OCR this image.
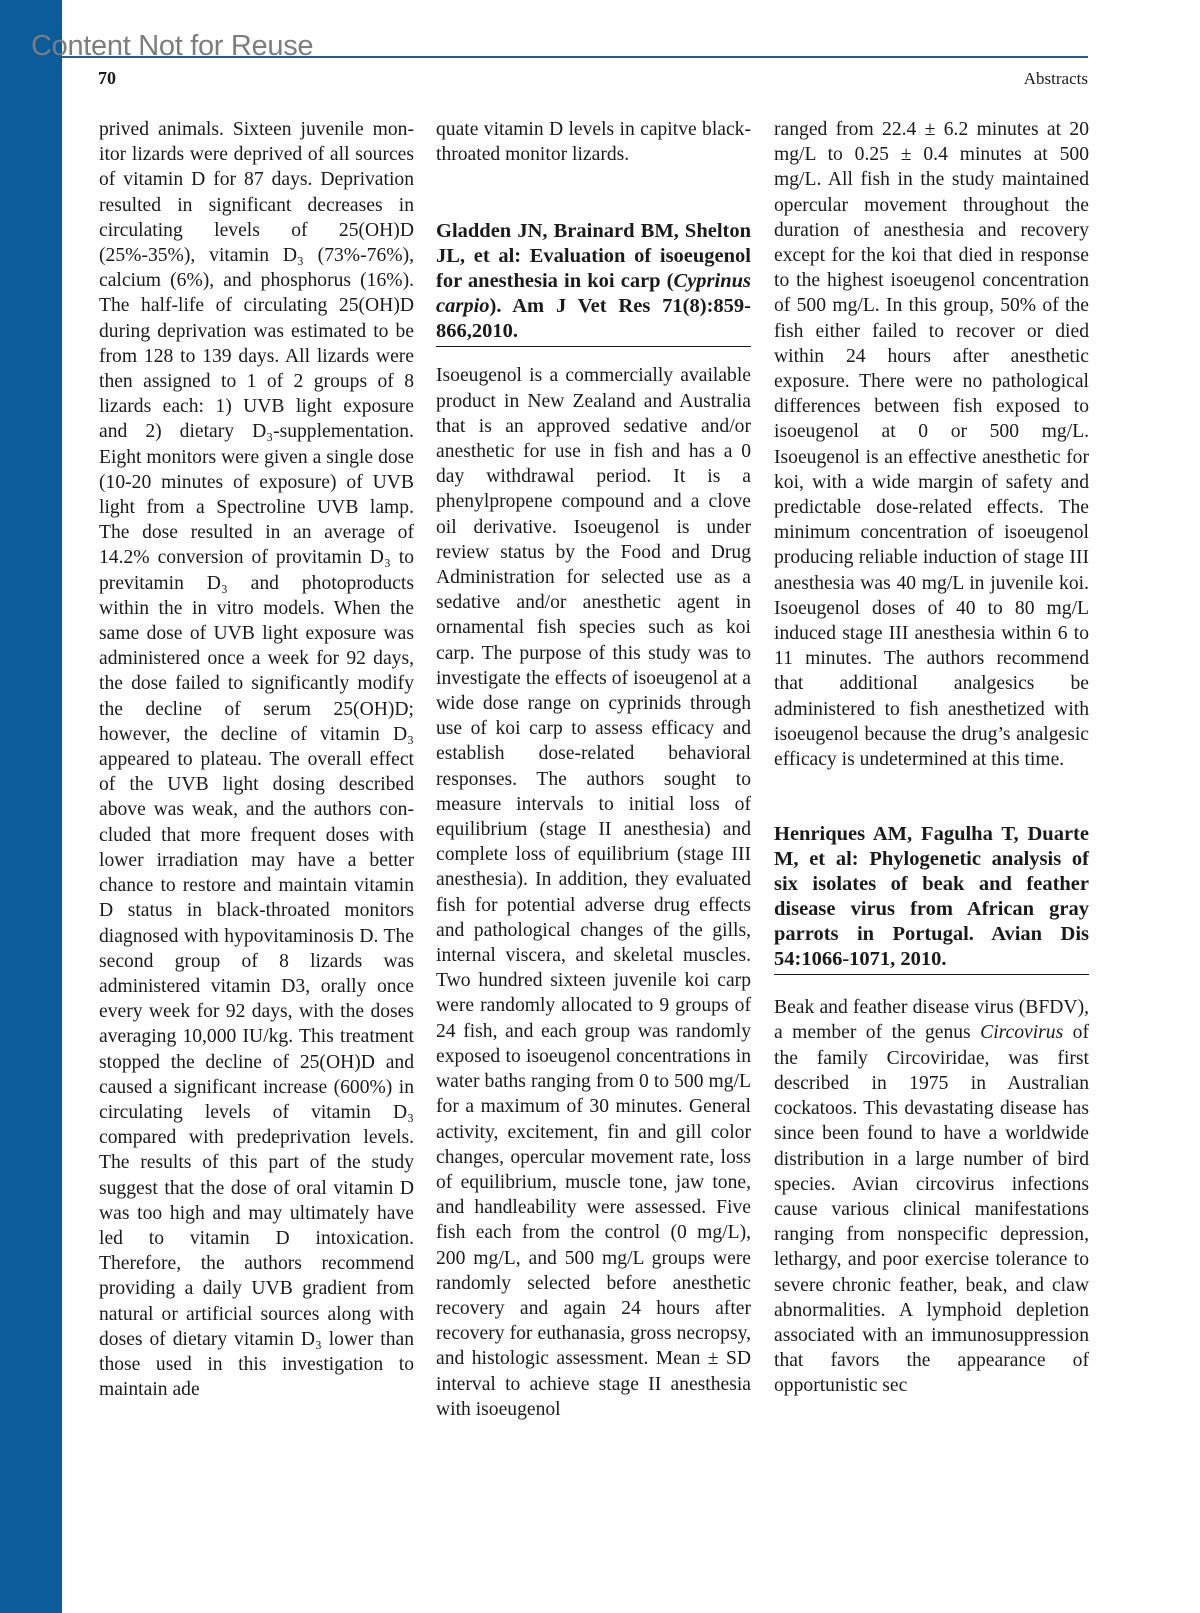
Content Not for Reuse
70	Abstracts

prived animals. Sixteen juvenile monitor lizards were deprived of all sources of vitamin D for 87 days. Deprivation resulted in significant decreases in circulating levels of 25(OH)D (25%-35%), vitamin D₃ (73%-76%), calcium (6%), and phosphorus (16%). The half-life of circulating 25(OH)D during deprivation was estimated to be from 128 to 139 days. All lizards were then assigned to 1 of 2 groups of 8 lizards each: 1) UVB light exposure and 2) dietary D₃-supplementation. Eight monitors were given a single dose (10-20 minutes of exposure) of UVB light from a Spectroline UVB lamp. The dose resulted in an average of 14.2% conversion of provitamin D₃ to previtamin D₃ and photoproducts within the in vitro models. When the same dose of UVB light exposure was administered once a week for 92 days, the dose failed to significantly modify the decline of serum 25(OH)D; however, the decline of vitamin D₃ appeared to plateau. The overall effect of the UVB light dosing described above was weak, and the authors concluded that more frequent doses with lower irradiation may have a better chance to restore and maintain vitamin D status in black-throated monitors diagnosed with hypovitaminosis D. The second group of 8 lizards was administered vitamin D3, orally once every week for 92 days, with the doses averaging 10,000 IU/kg. This treatment stopped the decline of 25(OH)D and caused a significant increase (600%) in circulating levels of vitamin D₃ compared with predeprivation levels. The results of this part of the study suggest that the dose of oral vitamin D was too high and may ultimately have led to vitamin D intoxication. Therefore, the authors recommend providing a daily UVB gradient from natural or artificial sources along with doses of dietary vitamin D₃ lower than those used in this investigation to maintain ade

quate vitamin D levels in capitve black-throated monitor lizards.

Gladden JN, Brainard BM, Shelton JL, et al: Evaluation of isoeugenol for anesthesia in koi carp (Cyprinus carpio). Am J Vet Res 71(8):859-866,2010.

Isoeugenol is a commercially available product in New Zealand and Australia that is an approved sedative and/or anesthetic for use in fish and has a 0 day withdrawal period. It is a phenylpropene compound and a clove oil derivative. Isoeugenol is under review status by the Food and Drug Administration for selected use as a sedative and/or anesthetic agent in ornamental fish species such as koi carp. The purpose of this study was to investigate the effects of isoeugenol at a wide dose range on cyprinids through use of koi carp to assess efficacy and establish dose-related behavioral responses. The authors sought to measure intervals to initial loss of equilibrium (stage II anesthesia) and complete loss of equilibrium (stage III anesthesia). In addition, they evaluated fish for potential adverse drug effects and pathological changes of the gills, internal viscera, and skeletal muscles. Two hundred sixteen juvenile koi carp were randomly allocated to 9 groups of 24 fish, and each group was randomly exposed to isoeugenol concentrations in water baths ranging from 0 to 500 mg/L for a maximum of 30 minutes. General activity, excitement, fin and gill color changes, opercular movement rate, loss of equilibrium, muscle tone, jaw tone, and handleability were assessed. Five fish each from the control (0 mg/L), 200 mg/L, and 500 mg/L groups were randomly selected before anesthetic recovery and again 24 hours after recovery for euthanasia, gross necropsy, and histologic assessment. Mean ± SD interval to achieve stage II anesthesia with isoeugenol

ranged from 22.4 ± 6.2 minutes at 20 mg/L to 0.25 ± 0.4 minutes at 500 mg/L. All fish in the study maintained opercular movement throughout the duration of anesthesia and recovery except for the koi that died in response to the highest isoeugenol concentration of 500 mg/L. In this group, 50% of the fish either failed to recover or died within 24 hours after anesthetic exposure. There were no pathological differences between fish exposed to isoeugenol at 0 or 500 mg/L. Isoeugenol is an effective anesthetic for koi, with a wide margin of safety and predictable dose-related effects. The minimum concentration of isoeugenol producing reliable induction of stage III anesthesia was 40 mg/L in juvenile koi. Isoeugenol doses of 40 to 80 mg/L induced stage III anesthesia within 6 to 11 minutes. The authors recommend that additional analgesics be administered to fish anesthetized with isoeugenol because the drug’s analgesic efficacy is undetermined at this time.

Henriques AM, Fagulha T, Duarte M, et al: Phylogenetic analysis of six isolates of beak and feather disease virus from African gray parrots in Portugal. Avian Dis 54:1066-1071, 2010.

Beak and feather disease virus (BFDV), a member of the genus Circovirus of the family Circoviridae, was first described in 1975 in Australian cockatoos. This devastating disease has since been found to have a worldwide distribution in a large number of bird species. Avian circovirus infections cause various clinical manifestations ranging from nonspecific depression, lethargy, and poor exercise tolerance to severe chronic feather, beak, and claw abnormalities. A lymphoid depletion associated with an immunosuppression that favors the appearance of opportunistic sec
